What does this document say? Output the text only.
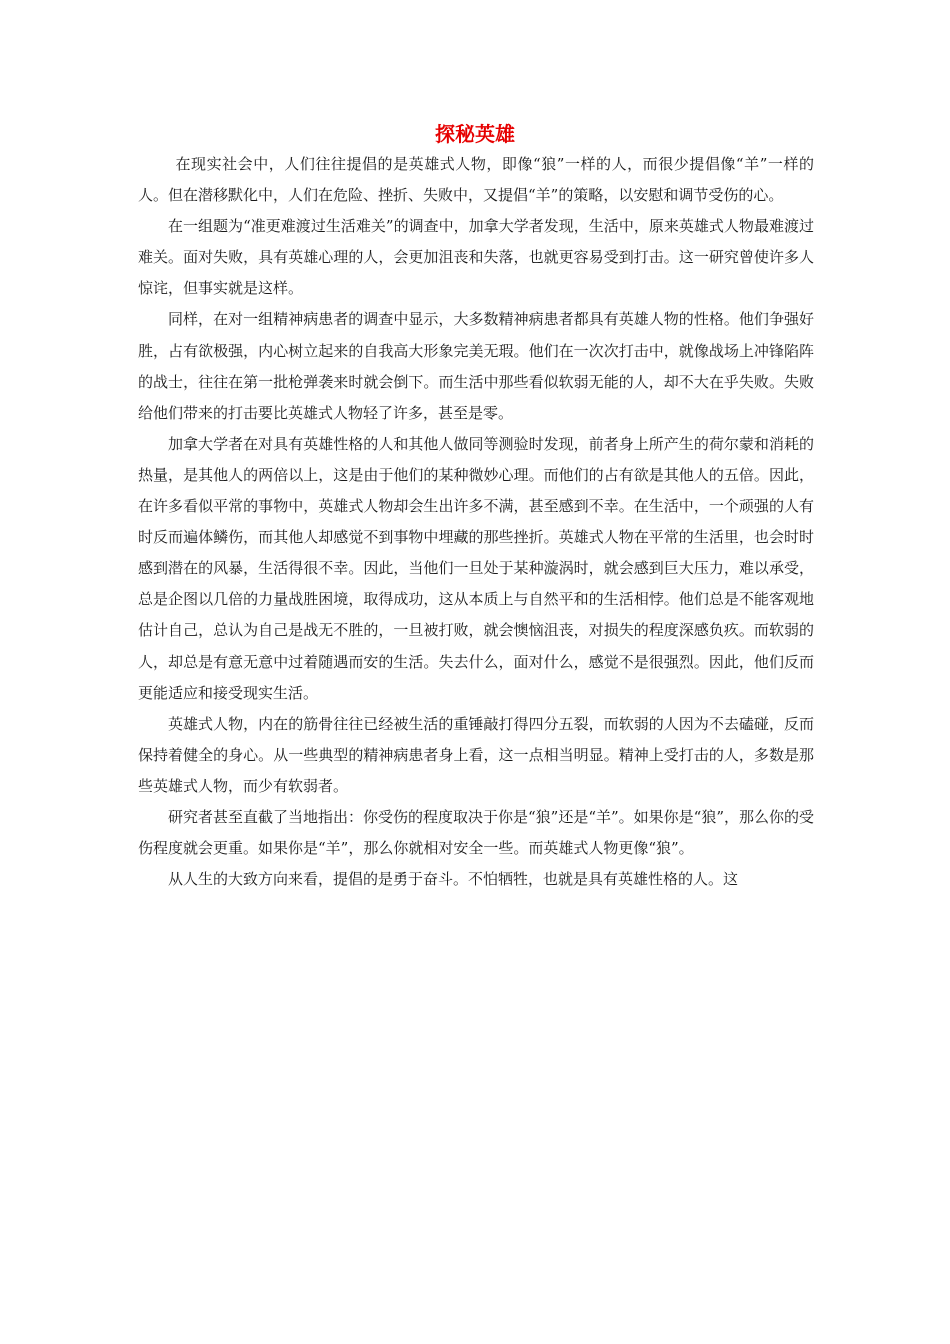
探秘英雄

在现实社会中，人们往往提倡的是英雄式人物，即像“狼”一样的人，而很少提倡像“羊”一样的人。但在潜移默化中，人们在危险、挫折、失败中，又提倡“羊”的策略，以安慰和调节受伤的心。

在一组题为“准更难渡过生活难关”的调查中，加拿大学者发现，生活中，原来英雄式人物最难渡过难关。面对失败，具有英雄心理的人，会更加沮丧和失落，也就更容易受到打击。这一研究曾使许多人惊诧，但事实就是这样。

同样，在对一组精神病患者的调查中显示，大多数精神病患者都具有英雄人物的性格。他们争强好胜，占有欲极强，内心树立起来的自我高大形象完美无瑕。他们在一次次打击中，就像战场上冲锋陷阵的战士，往往在第一批枪弹袭来时就会倒下。而生活中那些看似软弱无能的人，却不大在乎失败。失败给他们带来的打击要比英雄式人物轻了许多，甚至是零。

加拿大学者在对具有英雄性格的人和其他人做同等测验时发现，前者身上所产生的荷尔蒙和消耗的热量，是其他人的两倍以上，这是由于他们的某种微妙心理。而他们的占有欲是其他人的五倍。因此，在许多看似平常的事物中，英雄式人物却会生出许多不满，甚至感到不幸。在生活中，一个顽强的人有时反而遍体鳞伤，而其他人却感觉不到事物中埋藏的那些挫折。英雄式人物在平常的生活里，也会时时感到潜在的风暴，生活得很不幸。因此，当他们一旦处于某种漩涡时，就会感到巨大压力，难以承受，总是企图以几倍的力量战胜困境，取得成功，这从本质上与自然平和的生活相悖。他们总是不能客观地估计自己，总认为自己是战无不胜的，一旦被打败，就会懊恼沮丧，对损失的程度深感负疚。而软弱的人，却总是有意无意中过着随遇而安的生活。失去什么，面对什么，感觉不是很强烈。因此，他们反而更能适应和接受现实生活。

英雄式人物，内在的筋骨往往已经被生活的重锤敲打得四分五裂，而软弱的人因为不去磕碰，反而保持着健全的身心。从一些典型的精神病患者身上看，这一点相当明显。精神上受打击的人，多数是那些英雄式人物，而少有软弱者。

研究者甚至直截了当地指出：你受伤的程度取决于你是“狼”还是“羊”。如果你是“狼”，那么你的受伤程度就会更重。如果你是“羊”，那么你就相对安全一些。而英雄式人物更像“狼”。

从人生的大致方向来看，提倡的是勇于奋斗。不怕牺牲，也就是具有英雄性格的人。这
